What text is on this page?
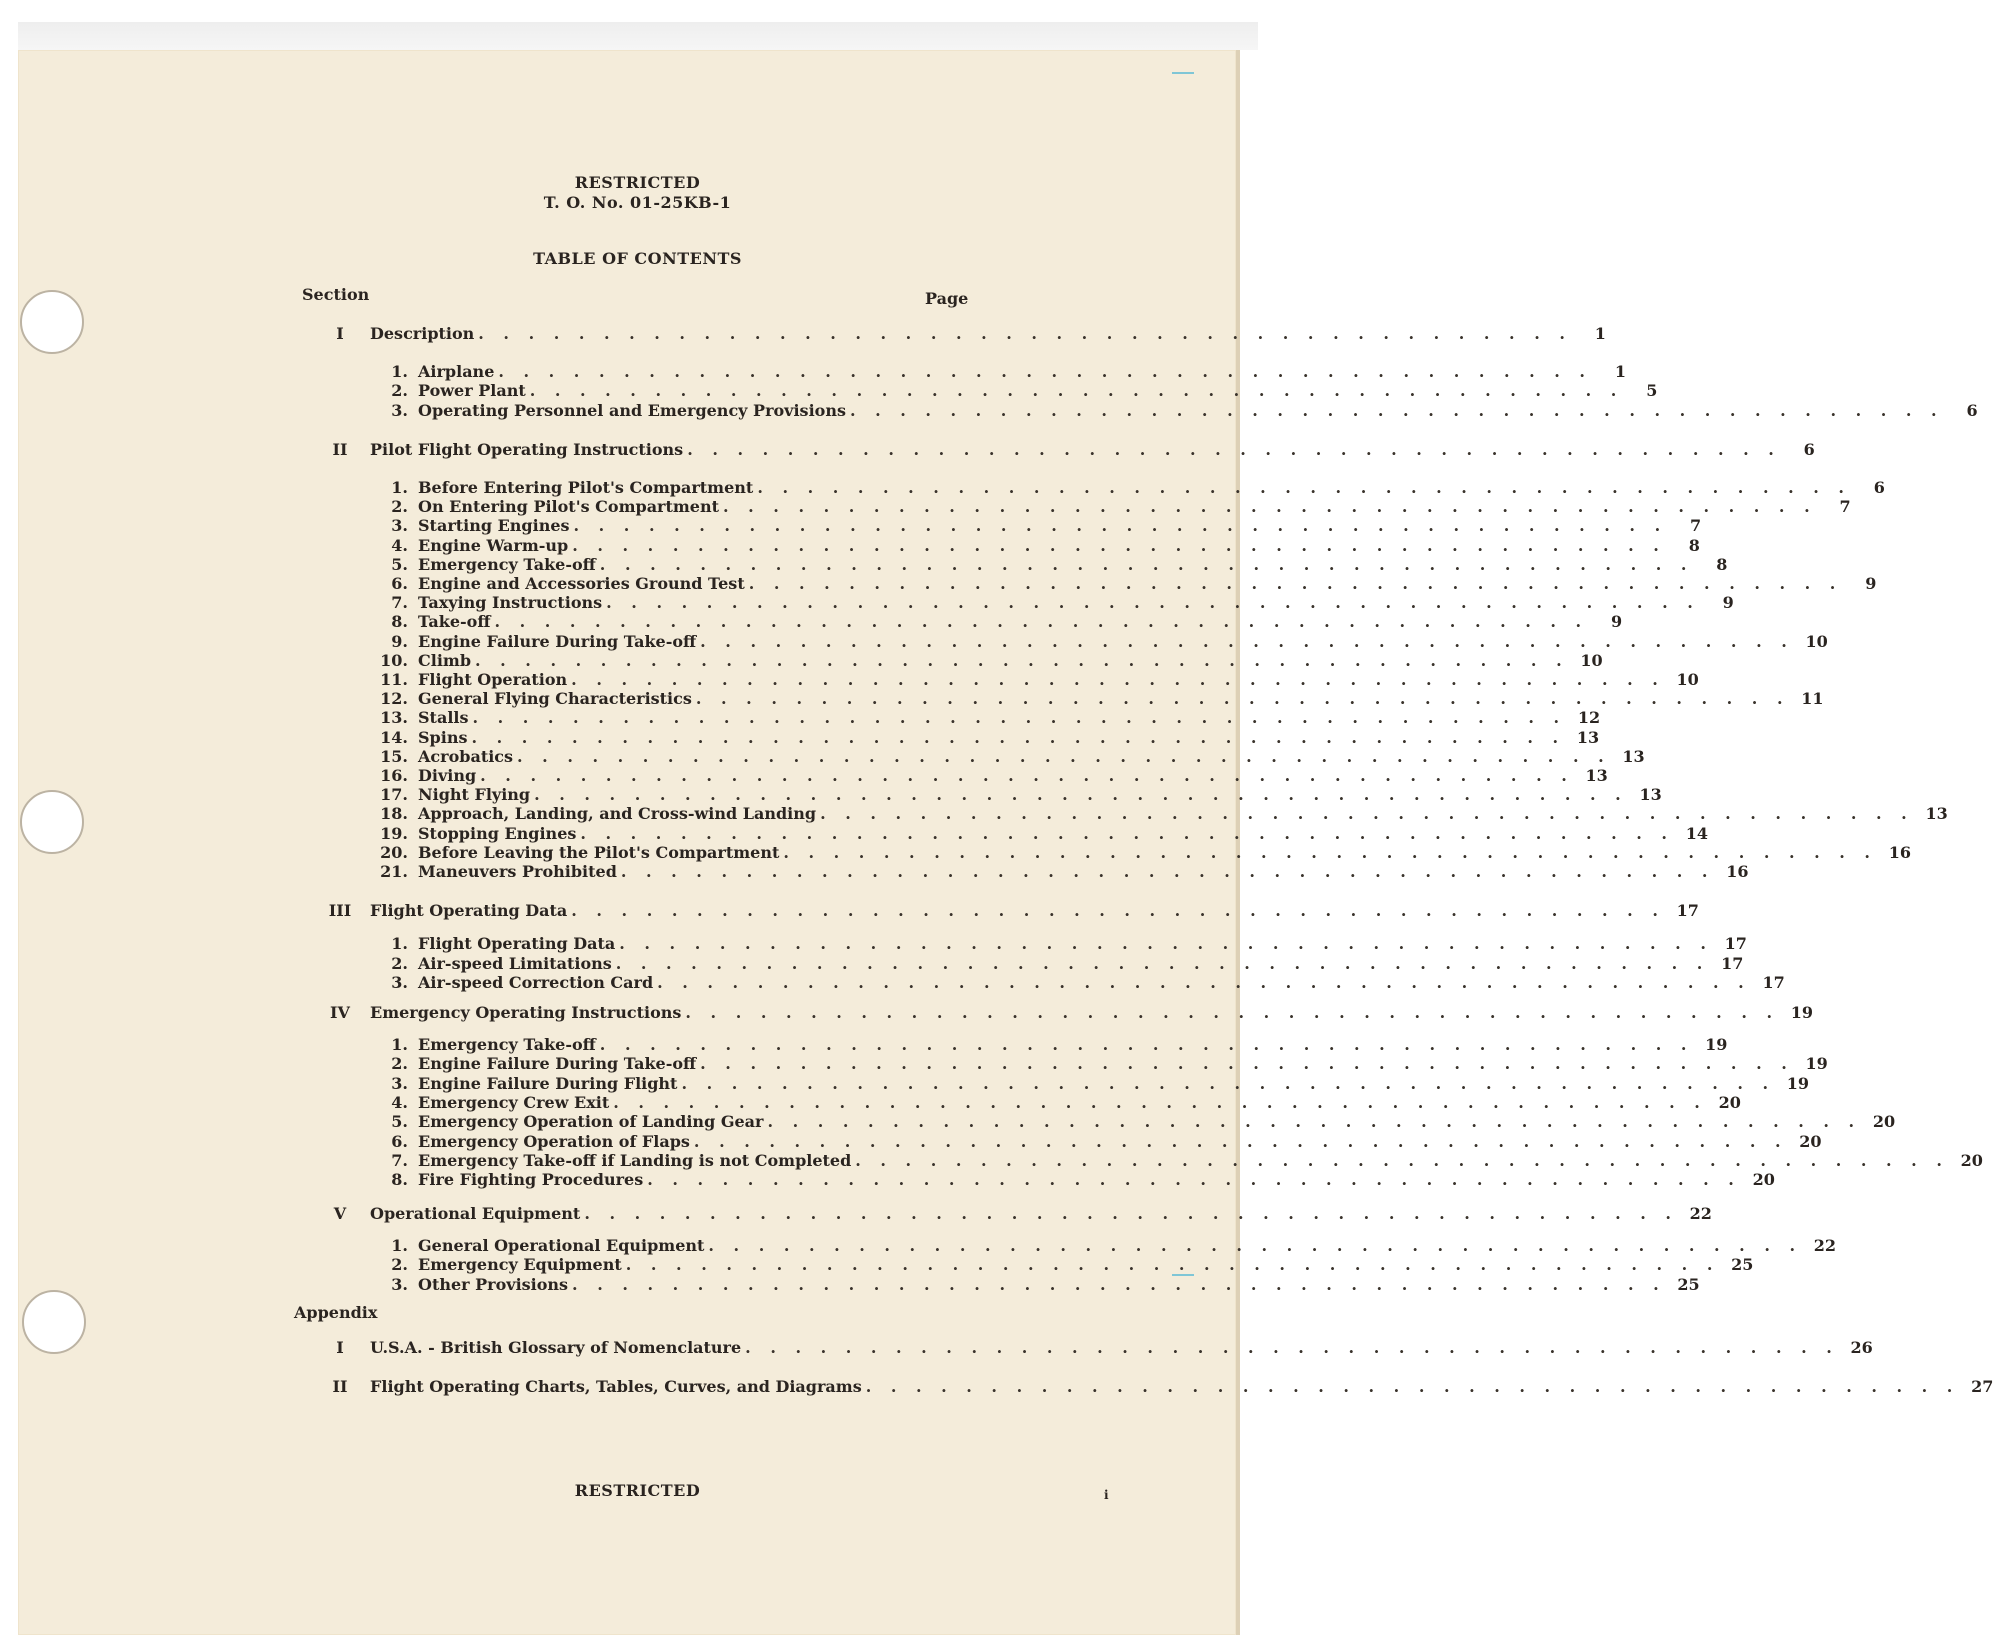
RESTRICTED
T. O. No. 01-25KB-1
TABLE OF CONTENTS
Section	Page
I	Description . . . . . . . . . . . . . . . . . . . . . . . . . . . . . . . . . . . . . . . . . . . .	1
1. Airplane . . . . . . . . . . . . . . . . . . . . . . . . . . . . . . . . . . . . . . . . . . . .	1
2. Power Plant . . . . . . . . . . . . . . . . . . . . . . . . . . . . . . . . . . . . . . . . . . . .	5
3. Operating Personnel and Emergency Provisions . . . . . . . . . . . . . . . . . . . . . . . . . . . . . . . . . . . . . . . . . . . .	6
II	Pilot Flight Operating Instructions . . . . . . . . . . . . . . . . . . . . . . . . . . . . . . . . . . . . . . . . . . . .	6
1. Before Entering Pilot's Compartment . . . . . . . . . . . . . . . . . . . . . . . . . . . . . . . . . . . . . . . . . . . .	6
2. On Entering Pilot's Compartment . . . . . . . . . . . . . . . . . . . . . . . . . . . . . . . . . . . . . . . . . . . .	7
3. Starting Engines . . . . . . . . . . . . . . . . . . . . . . . . . . . . . . . . . . . . . . . . . . . .	7
4. Engine Warm-up . . . . . . . . . . . . . . . . . . . . . . . . . . . . . . . . . . . . . . . . . . . .	8
5. Emergency Take-off . . . . . . . . . . . . . . . . . . . . . . . . . . . . . . . . . . . . . . . . . . . .	8
6. Engine and Accessories Ground Test . . . . . . . . . . . . . . . . . . . . . . . . . . . . . . . . . . . . . . . . . . . .	9
7. Taxying Instructions . . . . . . . . . . . . . . . . . . . . . . . . . . . . . . . . . . . . . . . . . . . .	9
8. Take-off . . . . . . . . . . . . . . . . . . . . . . . . . . . . . . . . . . . . . . . . . . . .	9
9. Engine Failure During Take-off . . . . . . . . . . . . . . . . . . . . . . . . . . . . . . . . . . . . . . . . . . . . 10
10. Climb . . . . . . . . . . . . . . . . . . . . . . . . . . . . . . . . . . . . . . . . . . . . 10
11. Flight Operation . . . . . . . . . . . . . . . . . . . . . . . . . . . . . . . . . . . . . . . . . . . . 10
12. General Flying Characteristics . . . . . . . . . . . . . . . . . . . . . . . . . . . . . . . . . . . . . . . . . . . . 11
13. Stalls . . . . . . . . . . . . . . . . . . . . . . . . . . . . . . . . . . . . . . . . . . . . 12
14. Spins . . . . . . . . . . . . . . . . . . . . . . . . . . . . . . . . . . . . . . . . . . . . 13
15. Acrobatics . . . . . . . . . . . . . . . . . . . . . . . . . . . . . . . . . . . . . . . . . . . . 13
16. Diving . . . . . . . . . . . . . . . . . . . . . . . . . . . . . . . . . . . . . . . . . . . . 13
17. Night Flying . . . . . . . . . . . . . . . . . . . . . . . . . . . . . . . . . . . . . . . . . . . . 13
18. Approach, Landing, and Cross-wind Landing . . . . . . . . . . . . . . . . . . . . . . . . . . . . . . . . . . . . . . . . . . . . 13
19. Stopping Engines . . . . . . . . . . . . . . . . . . . . . . . . . . . . . . . . . . . . . . . . . . . . 14
20. Before Leaving the Pilot's Compartment . . . . . . . . . . . . . . . . . . . . . . . . . . . . . . . . . . . . . . . . . . . . 16
21. Maneuvers Prohibited . . . . . . . . . . . . . . . . . . . . . . . . . . . . . . . . . . . . . . . . . . . . 16
III	Flight Operating Data . . . . . . . . . . . . . . . . . . . . . . . . . . . . . . . . . . . . . . . . . . . . 17
1. Flight Operating Data . . . . . . . . . . . . . . . . . . . . . . . . . . . . . . . . . . . . . . . . . . . . 17
2. Air-speed Limitations . . . . . . . . . . . . . . . . . . . . . . . . . . . . . . . . . . . . . . . . . . . . 17
3. Air-speed Correction Card . . . . . . . . . . . . . . . . . . . . . . . . . . . . . . . . . . . . . . . . . . . . 17
IV	Emergency Operating Instructions . . . . . . . . . . . . . . . . . . . . . . . . . . . . . . . . . . . . . . . . . . . . 19
1. Emergency Take-off . . . . . . . . . . . . . . . . . . . . . . . . . . . . . . . . . . . . . . . . . . . . 19
2. Engine Failure During Take-off . . . . . . . . . . . . . . . . . . . . . . . . . . . . . . . . . . . . . . . . . . . . 19
3. Engine Failure During Flight . . . . . . . . . . . . . . . . . . . . . . . . . . . . . . . . . . . . . . . . . . . . 19
4. Emergency Crew Exit . . . . . . . . . . . . . . . . . . . . . . . . . . . . . . . . . . . . . . . . . . . . 20
5. Emergency Operation of Landing Gear . . . . . . . . . . . . . . . . . . . . . . . . . . . . . . . . . . . . . . . . . . . . 20
6. Emergency Operation of Flaps . . . . . . . . . . . . . . . . . . . . . . . . . . . . . . . . . . . . . . . . . . . . 20
7. Emergency Take-off if Landing is not Completed . . . . . . . . . . . . . . . . . . . . . . . . . . . . . . . . . . . . . . . . . . . . 20
8. Fire Fighting Procedures . . . . . . . . . . . . . . . . . . . . . . . . . . . . . . . . . . . . . . . . . . . . 20
V	Operational Equipment . . . . . . . . . . . . . . . . . . . . . . . . . . . . . . . . . . . . . . . . . . . . 22
1. General Operational Equipment . . . . . . . . . . . . . . . . . . . . . . . . . . . . . . . . . . . . . . . . . . . . 22
2. Emergency Equipment . . . . . . . . . . . . . . . . . . . . . . . . . . . . . . . . . . . . . . . . . . . . 25
3. Other Provisions . . . . . . . . . . . . . . . . . . . . . . . . . . . . . . . . . . . . . . . . . . . . 25
Appendix
I	U.S.A. - British Glossary of Nomenclature . . . . . . . . . . . . . . . . . . . . . . . . . . . . . . . . . . . . . . . . . . . . 26
II	Flight Operating Charts, Tables, Curves, and Diagrams . . . . . . . . . . . . . . . . . . . . . . . . . . . . . . . . . . . . . . . . . . . . 27
RESTRICTED	i
